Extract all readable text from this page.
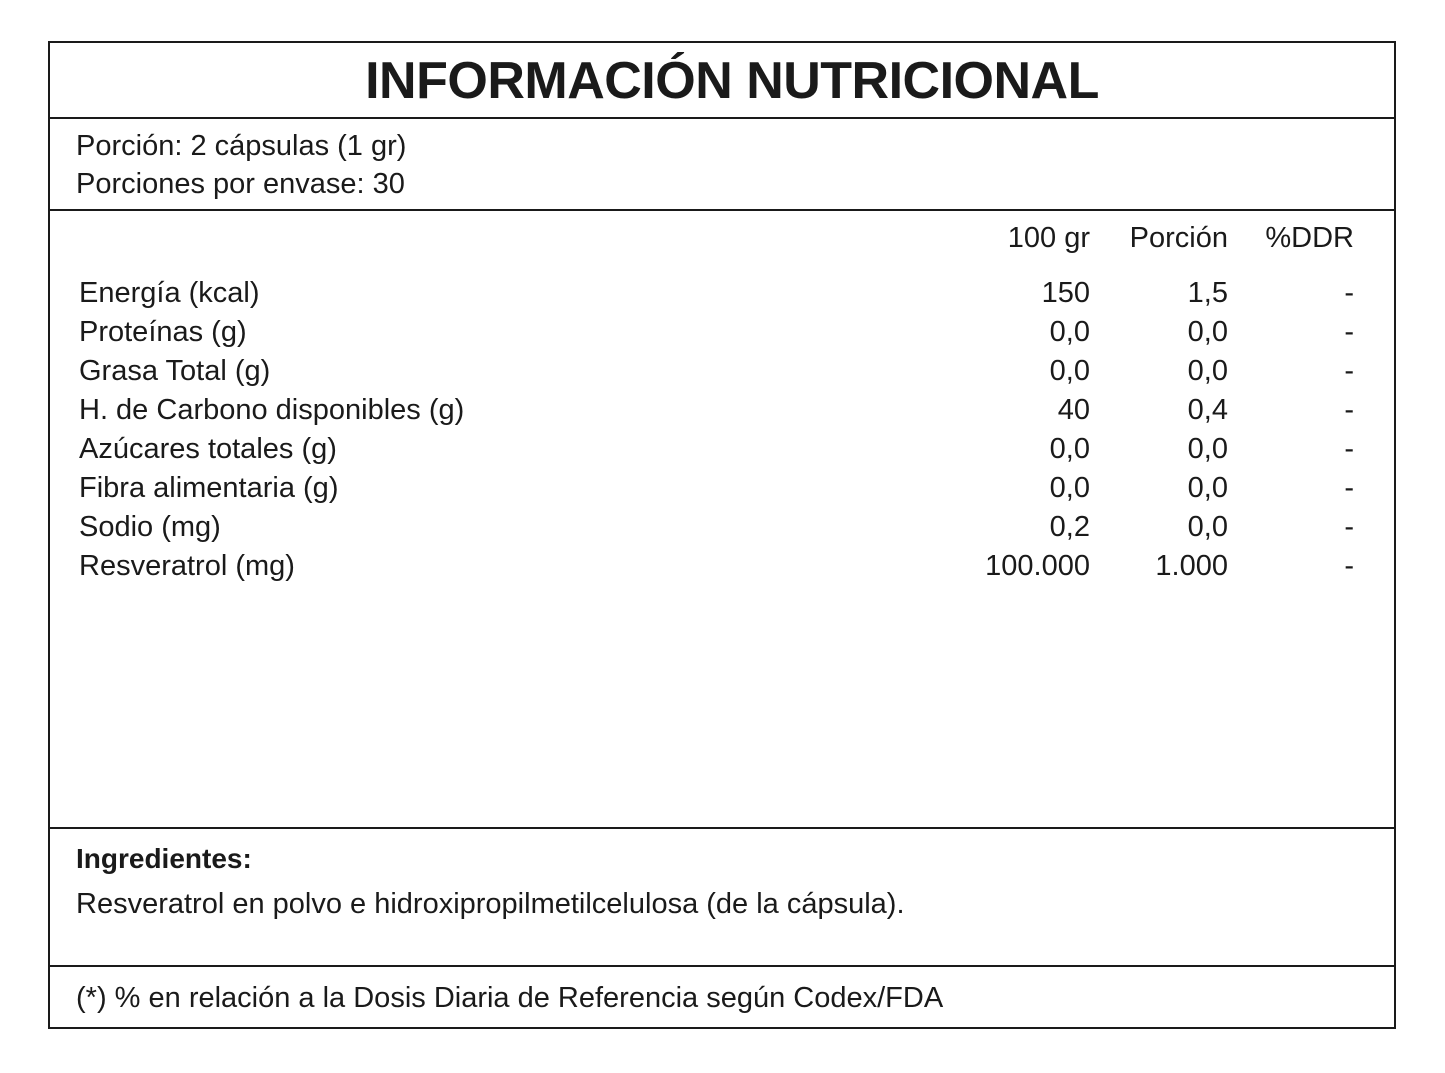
INFORMACIÓN NUTRICIONAL
Porción: 2 cápsulas (1 gr)
Porciones por envase: 30
100 gr Porción %DDR
Energía (kcal)	150	1,5	-
Proteínas (g)	0,0	0,0	-
Grasa Total (g)	0,0	0,0	-
H. de Carbono disponibles (g)	40	0,4	-
Azúcares totales (g)	0,0	0,0	-
Fibra alimentaria (g)	0,0	0,0	-
Sodio (mg)	0,2	0,0	-
Resveratrol (mg)	100.000 1.000	-
Ingredientes:
Resveratrol en polvo e hidroxipropilmetilcelulosa (de la cápsula).
(*) % en relación a la Dosis Diaria de Referencia según Codex/FDA
